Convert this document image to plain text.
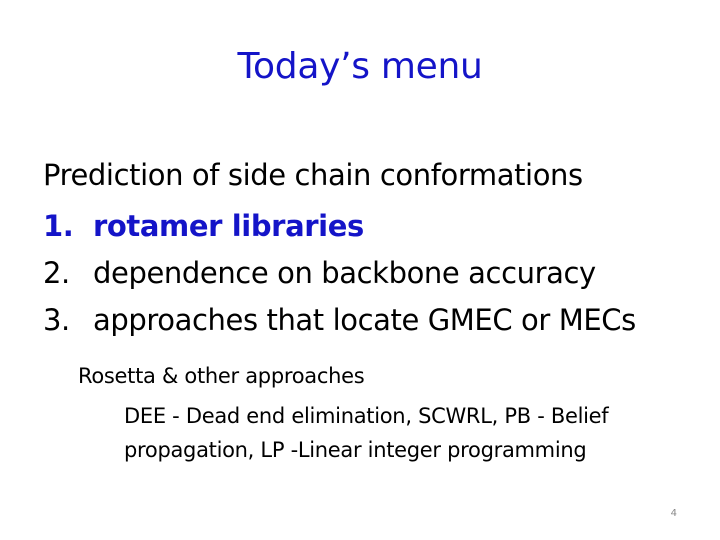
Today’s menu
Prediction of side chain conformations
1. rotamer libraries
2. dependence on backbone accuracy
3. approaches that locate GMEC or MECs
Rosetta & other approaches
DEE - Dead end elimination, SCWRL, PB - Belief propagation, LP -Linear integer programming
4
